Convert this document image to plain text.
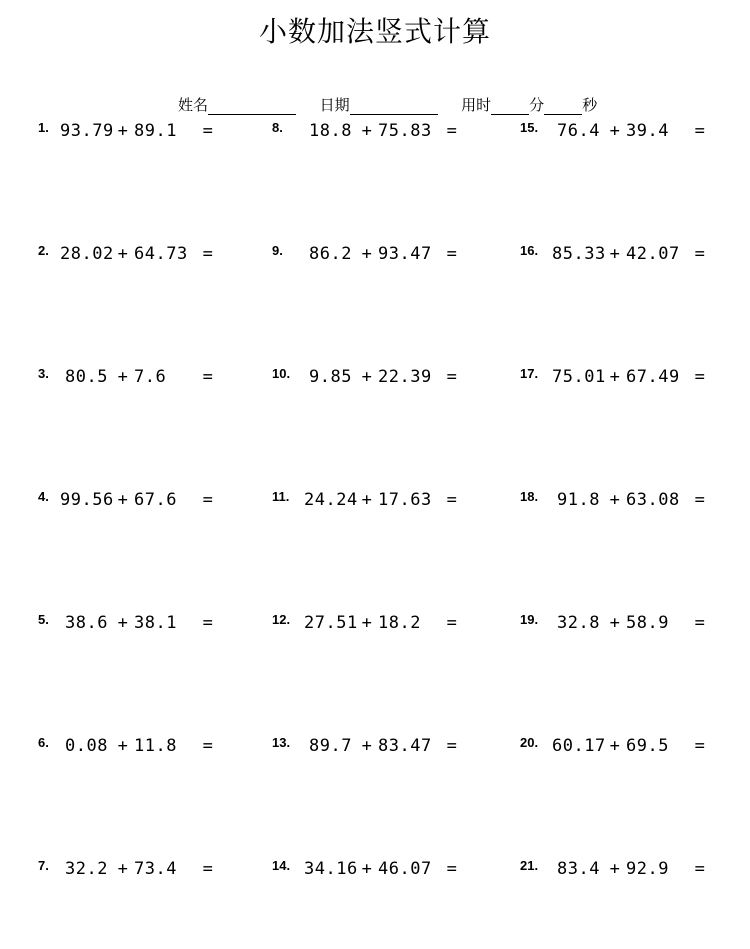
小数加法竖式计算
姓名	日期	用时	分	秒
1. 93.79 + 89.1 =
2. 28.02 + 64.73 =
3. 80.5 + 7.6 =
4. 99.56 + 67.6 =
5. 38.6 + 38.1 =
6. 0.08 + 11.8 =
7. 32.2 + 73.4 =
8. 18.8 + 75.83 =
9. 86.2 + 93.47 =
10. 9.85 + 22.39 =
11. 24.24 + 17.63 =
12. 27.51 + 18.2 =
13. 89.7 + 83.47 =
14. 34.16 + 46.07 =
15. 76.4 + 39.4 =
16. 85.33 + 42.07 =
17. 75.01 + 67.49 =
18. 91.8 + 63.08 =
19. 32.8 + 58.9 =
20. 60.17 + 69.5 =
21. 83.4 + 92.9 =
